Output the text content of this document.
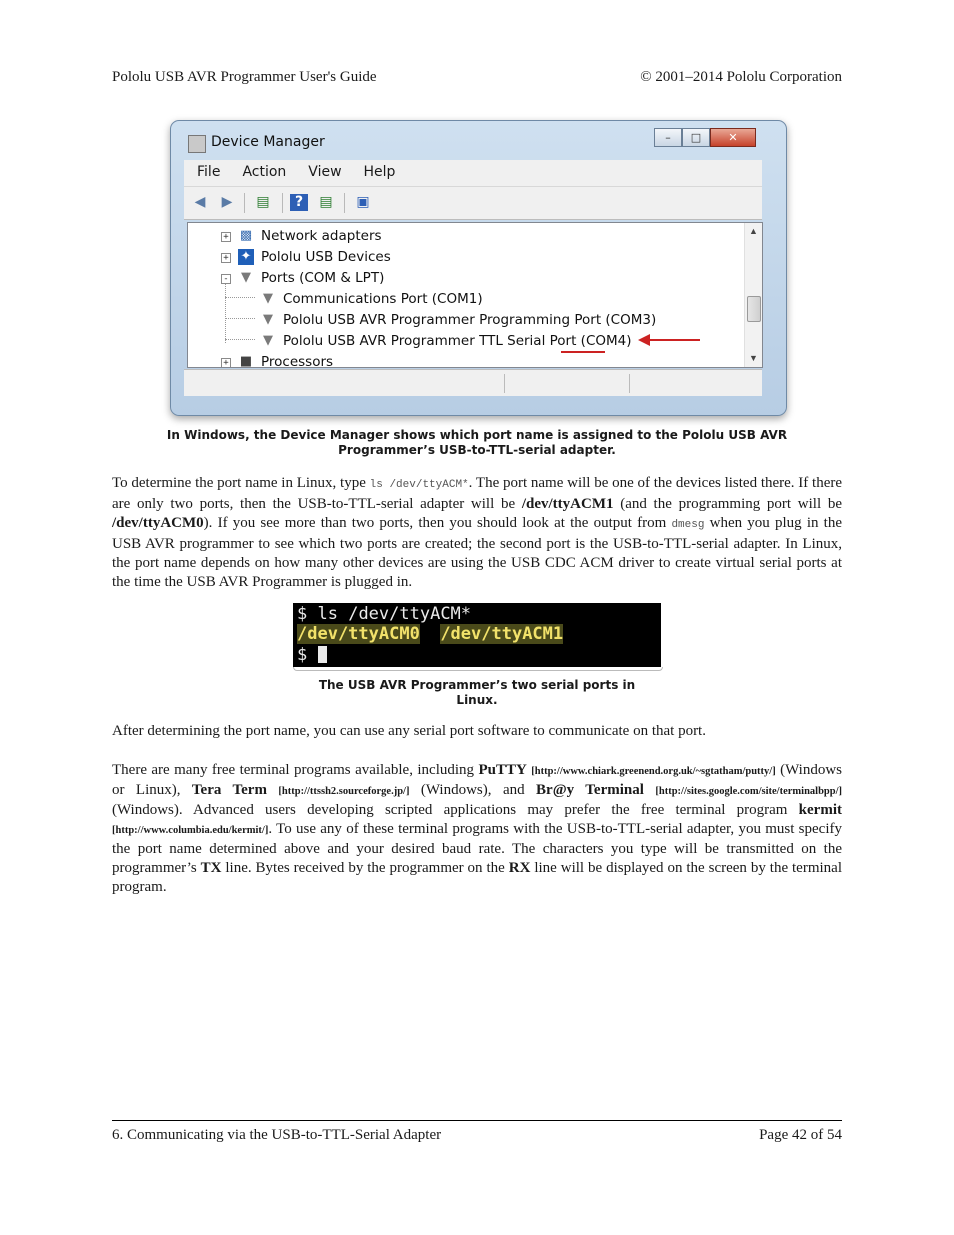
Pololu USB AVR Programmer User's Guide	© 2001–2014 Pololu Corporation
Device Manager	–	□	✕
File	Action	View	Help
◀ ▶ ▤	?	▤ ▣
+ ▩ Network adapters
+ ✦ Pololu USB Devices
- ▼ Ports (COM & LPT)
▼ Communications Port (COM1)
▼ Pololu USB AVR Programmer Programming Port (COM3)
▼ Pololu USB AVR Programmer TTL Serial Port (COM4)
+ ■ Processors
▲
▼
In Windows, the Device Manager shows which port name is assigned to the Pololu USB AVR Programmer’s USB-to-TTL-serial adapter.
To determine the port name in Linux, type ls /dev/ttyACM*. The port name will be one of the devices listed there. If there are only two ports, then the USB-to-TTL-serial adapter will be /dev/ttyACM1 (and the programming port will be /dev/ttyACM0). If you see more than two ports, then you should look at the output from dmesg when you plug in the USB AVR programmer to see which two ports are created; the second port is the USB-to-TTL-serial adapter. In Linux, the port name depends on how many other devices are using the USB CDC ACM driver to create virtual serial ports at the time the USB AVR Programmer is plugged in.
$ ls /dev/ttyACM*
/dev/ttyACM0 /dev/ttyACM1
$
The USB AVR Programmer’s two serial ports in
Linux.
After determining the port name, you can use any serial port software to communicate on that port.
There are many free terminal programs available, including PuTTY [http://www.chiark.greenend.org.uk/~sgtatham/putty/] (Windows or Linux), Tera Term [http://ttssh2.sourceforge.jp/] (Windows), and Br@y Terminal [http://sites.google.com/site/terminalbpp/] (Windows). Advanced users developing scripted applications may prefer the free terminal program kermit [http://www.columbia.edu/kermit/]. To use any of these terminal programs with the USB-to-TTL-serial adapter, you must specify the port name determined above and your desired baud rate. The characters you type will be transmitted on the programmer’s TX line. Bytes received by the programmer on the RX line will be displayed on the screen by the terminal program.
6. Communicating via the USB-to-TTL-Serial Adapter	Page 42 of 54
